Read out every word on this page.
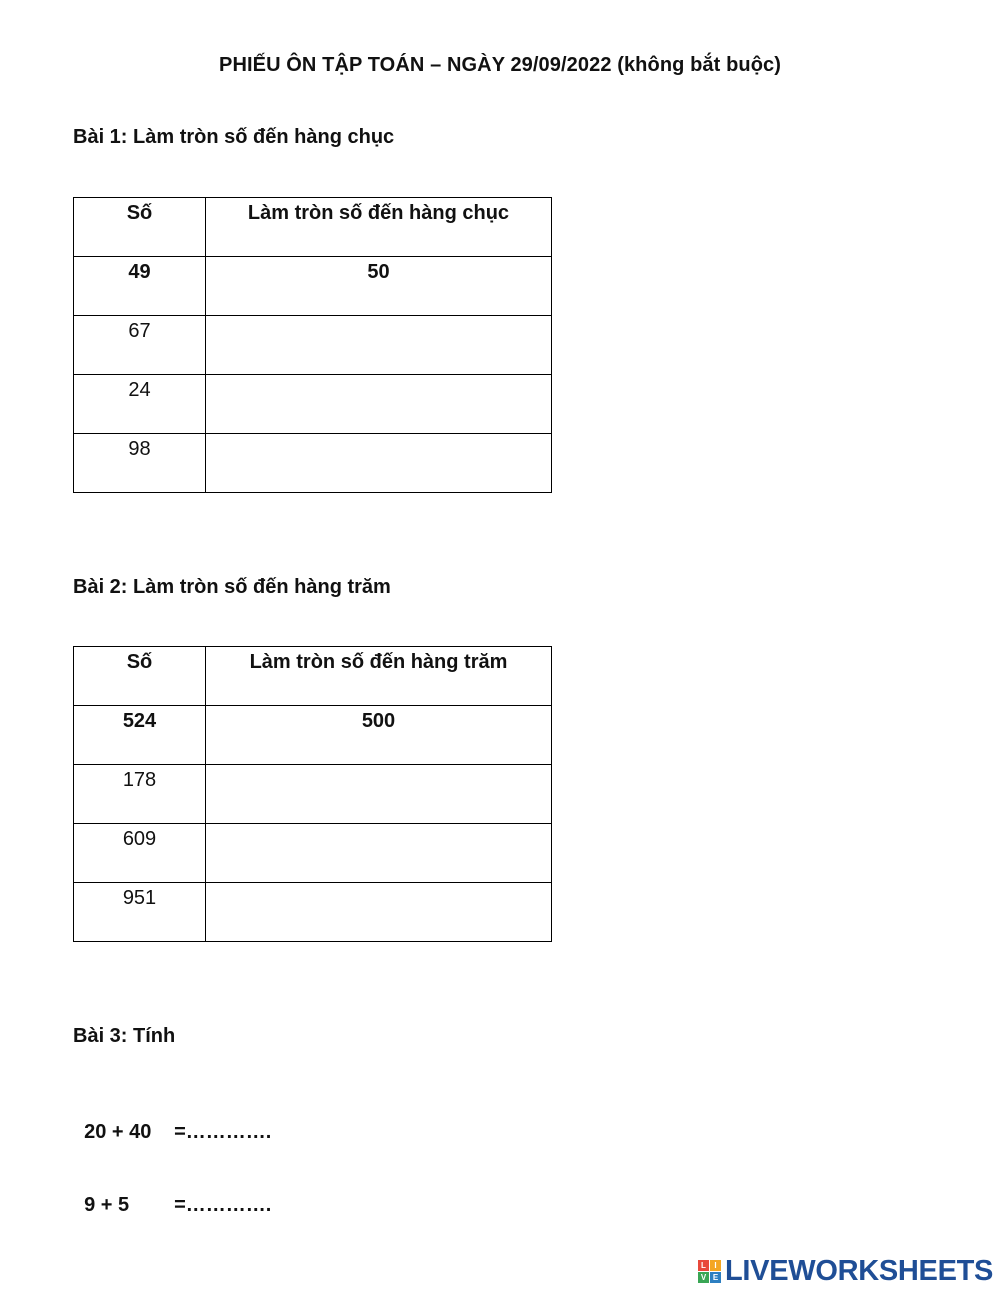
PHIẾU ÔN TẬP TOÁN – NGÀY 29/09/2022 (không bắt buộc)
Bài 1: Làm tròn số đến hàng chục
Số	Làm tròn số đến hàng chục
49	50
67	
24	
98	
Bài 2: Làm tròn số đến hàng trăm
Số	Làm tròn số đến hàng trăm
524	500
178	
609	
951	
Bài 3: Tính

20 + 40 =………….

9 + 5 =………….

L	I
V E LIVEWORKSHEETS
